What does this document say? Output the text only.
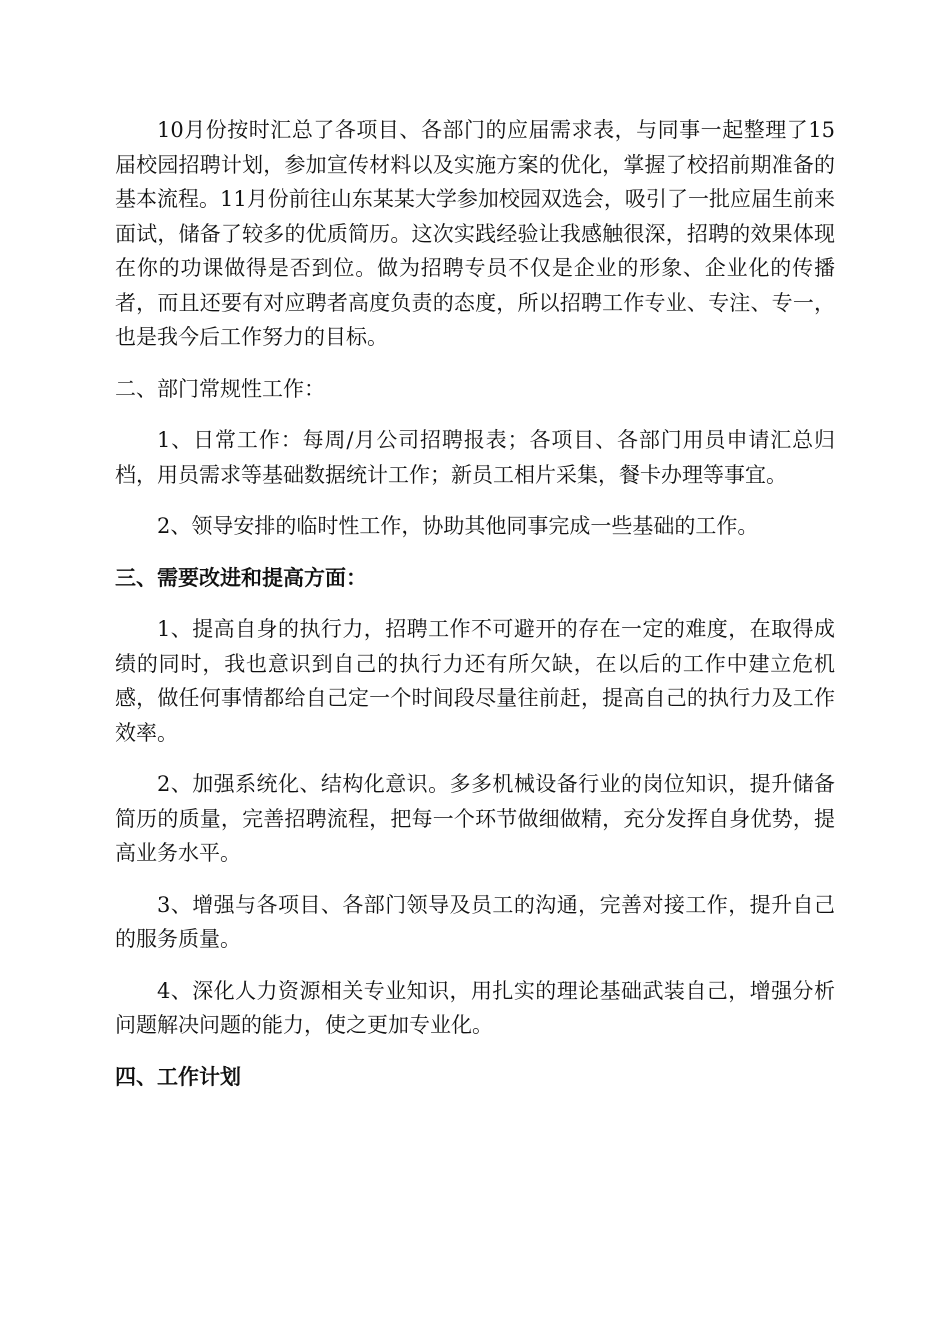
10月份按时汇总了各项目、各部门的应届需求表，与同事一起整理了15届校园招聘计划，参加宣传材料以及实施方案的优化，掌握了校招前期准备的基本流程。11月份前往山东某某大学参加校园双选会，吸引了一批应届生前来面试，储备了较多的优质简历。这次实践经验让我感触很深，招聘的效果体现在你的功课做得是否到位。做为招聘专员不仅是企业的形象、企业化的传播者，而且还要有对应聘者高度负责的态度，所以招聘工作专业、专注、专一，也是我今后工作努力的目标。

二、部门常规性工作：

1、日常工作：每周/月公司招聘报表；各项目、各部门用员申请汇总归档，用员需求等基础数据统计工作；新员工相片采集，餐卡办理等事宜。

2、领导安排的临时性工作，协助其他同事完成一些基础的工作。

三、需要改进和提高方面：

1、提高自身的执行力，招聘工作不可避开的存在一定的难度，在取得成绩的同时，我也意识到自己的执行力还有所欠缺，在以后的工作中建立危机感，做任何事情都给自己定一个时间段尽量往前赶，提高自己的执行力及工作效率。

2、加强系统化、结构化意识。多多机械设备行业的岗位知识，提升储备简历的质量，完善招聘流程，把每一个环节做细做精，充分发挥自身优势，提高业务水平。

3、增强与各项目、各部门领导及员工的沟通，完善对接工作，提升自己的服务质量。

4、深化人力资源相关专业知识，用扎实的理论基础武装自己，增强分析问题解决问题的能力，使之更加专业化。

四、工作计划
